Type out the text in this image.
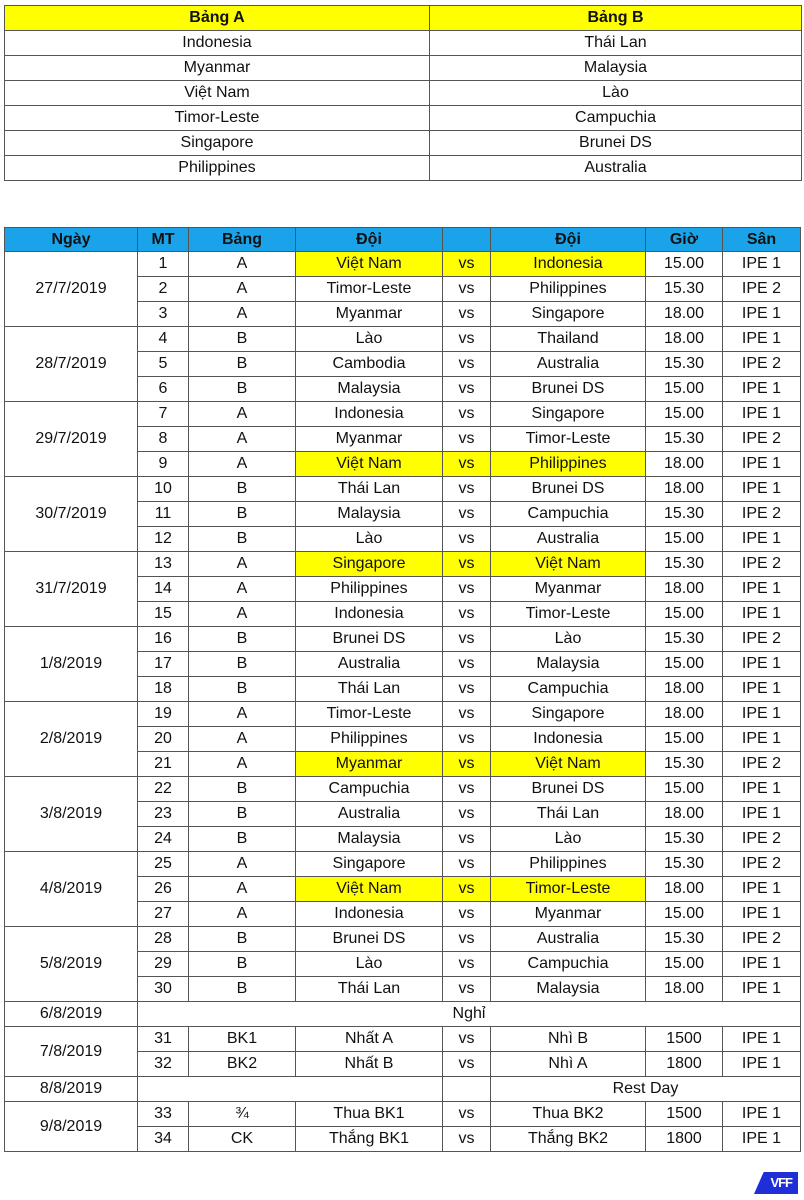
Bảng A	Bảng B
Indonesia	Thái Lan
Myanmar	Malaysia
Việt Nam	Lào
Timor-Leste	Campuchia
Singapore	Brunei DS
Philippines	Australia
Ngày	MT	Bảng	Đội		Đội	Giờ	Sân
27/7/2019	1	A	Việt Nam	vs	Indonesia	15.00	IPE 1
	2	A	Timor-Leste	vs	Philippines	15.30	IPE 2
	3	A	Myanmar	vs	Singapore	18.00	IPE 1
28/7/2019	4	B	Lào	vs	Thailand	18.00	IPE 1
	5	B	Cambodia	vs	Australia	15.30	IPE 2
	6	B	Malaysia	vs	Brunei DS	15.00	IPE 1
29/7/2019	7	A	Indonesia	vs	Singapore	15.00	IPE 1
	8	A	Myanmar	vs	Timor-Leste	15.30	IPE 2
	9	A	Việt Nam	vs	Philippines	18.00	IPE 1
30/7/2019	10	B	Thái Lan	vs	Brunei DS	18.00	IPE 1
	11	B	Malaysia	vs	Campuchia	15.30	IPE 2
	12	B	Lào	vs	Australia	15.00	IPE 1
31/7/2019	13	A	Singapore	vs	Việt Nam	15.30	IPE 2
	14	A	Philippines	vs	Myanmar	18.00	IPE 1
	15	A	Indonesia	vs	Timor-Leste	15.00	IPE 1
1/8/2019	16	B	Brunei DS	vs	Lào	15.30	IPE 2
	17	B	Australia	vs	Malaysia	15.00	IPE 1
	18	B	Thái Lan	vs	Campuchia	18.00	IPE 1
2/8/2019	19	A	Timor-Leste	vs	Singapore	18.00	IPE 1
	20	A	Philippines	vs	Indonesia	15.00	IPE 1
	21	A	Myanmar	vs	Việt Nam	15.30	IPE 2
3/8/2019	22	B	Campuchia	vs	Brunei DS	15.00	IPE 1
	23	B	Australia	vs	Thái Lan	18.00	IPE 1
	24	B	Malaysia	vs	Lào	15.30	IPE 2
4/8/2019	25	A	Singapore	vs	Philippines	15.30	IPE 2
	26	A	Việt Nam	vs	Timor-Leste	18.00	IPE 1
	27	A	Indonesia	vs	Myanmar	15.00	IPE 1
5/8/2019	28	B	Brunei DS	vs	Australia	15.30	IPE 2
	29	B	Lào	vs	Campuchia	15.00	IPE 1
	30	B	Thái Lan	vs	Malaysia	18.00	IPE 1
6/8/2019	Nghỉ						
7/8/2019	31	BK1	Nhất A	vs	Nhì B	1500	IPE 1
	32	BK2	Nhất B	vs	Nhì A	1800	IPE 1
8/8/2019					Rest Day		
9/8/2019	33	¾	Thua BK1	vs	Thua BK2	1500	IPE 1
	34	CK	Thắng BK1	vs	Thắng BK2	1800	IPE 1
VFF
